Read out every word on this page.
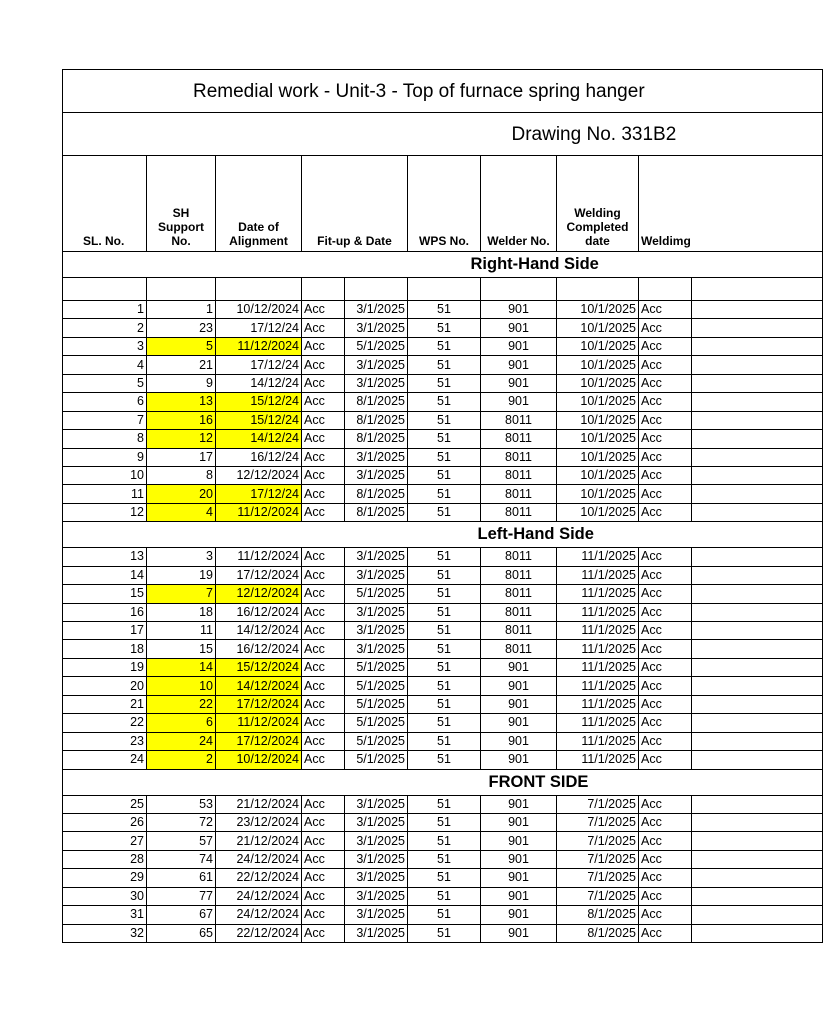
Remedial work - Unit-3 - Top of furnace spring hanger									
							Drawing No. 331B2		
SL. No.	SH Support No.	Date of Alignment	Fit-up & Date		WPS No.	Welder No.	Welding Completed date	Weldimg	
							Right-Hand Side		

1	1	10/12/2024	Acc	3/1/2025	51	901	10/1/2025	Acc	
2	23	17/12/24	Acc	3/1/2025	51	901	10/1/2025	Acc	
3	5	11/12/2024	Acc	5/1/2025	51	901	10/1/2025	Acc	
4	21	17/12/24	Acc	3/1/2025	51	901	10/1/2025	Acc	
5	9	14/12/24	Acc	3/1/2025	51	901	10/1/2025	Acc	
6	13	15/12/24	Acc	8/1/2025	51	901	10/1/2025	Acc	
7	16	15/12/24	Acc	8/1/2025	51	8011	10/1/2025	Acc	
8	12	14/12/24	Acc	8/1/2025	51	8011	10/1/2025	Acc	
9	17	16/12/24	Acc	3/1/2025	51	8011	10/1/2025	Acc	
10	8	12/12/2024	Acc	3/1/2025	51	8011	10/1/2025	Acc	
11	20	17/12/24	Acc	8/1/2025	51	8011	10/1/2025	Acc	
12	4	11/12/2024	Acc	8/1/2025	51	8011	10/1/2025	Acc	
							Left-Hand Side		
13	3	11/12/2024	Acc	3/1/2025	51	8011	11/1/2025	Acc	
14	19	17/12/2024	Acc	3/1/2025	51	8011	11/1/2025	Acc	
15	7	12/12/2024	Acc	5/1/2025	51	8011	11/1/2025	Acc	
16	18	16/12/2024	Acc	3/1/2025	51	8011	11/1/2025	Acc	
17	11	14/12/2024	Acc	3/1/2025	51	8011	11/1/2025	Acc	
18	15	16/12/2024	Acc	3/1/2025	51	8011	11/1/2025	Acc	
19	14	15/12/2024	Acc	5/1/2025	51	901	11/1/2025	Acc	
20	10	14/12/2024	Acc	5/1/2025	51	901	11/1/2025	Acc	
21	22	17/12/2024	Acc	5/1/2025	51	901	11/1/2025	Acc	
22	6	11/12/2024	Acc	5/1/2025	51	901	11/1/2025	Acc	
23	24	17/12/2024	Acc	5/1/2025	51	901	11/1/2025	Acc	
24	2	10/12/2024	Acc	5/1/2025	51	901	11/1/2025	Acc	
							FRONT SIDE		
25	53	21/12/2024	Acc	3/1/2025	51	901	7/1/2025	Acc	
26	72	23/12/2024	Acc	3/1/2025	51	901	7/1/2025	Acc	
27	57	21/12/2024	Acc	3/1/2025	51	901	7/1/2025	Acc	
28	74	24/12/2024	Acc	3/1/2025	51	901	7/1/2025	Acc	
29	61	22/12/2024	Acc	3/1/2025	51	901	7/1/2025	Acc	
30	77	24/12/2024	Acc	3/1/2025	51	901	7/1/2025	Acc	
31	67	24/12/2024	Acc	3/1/2025	51	901	8/1/2025	Acc	
32	65	22/12/2024	Acc	3/1/2025	51	901	8/1/2025	Acc	
